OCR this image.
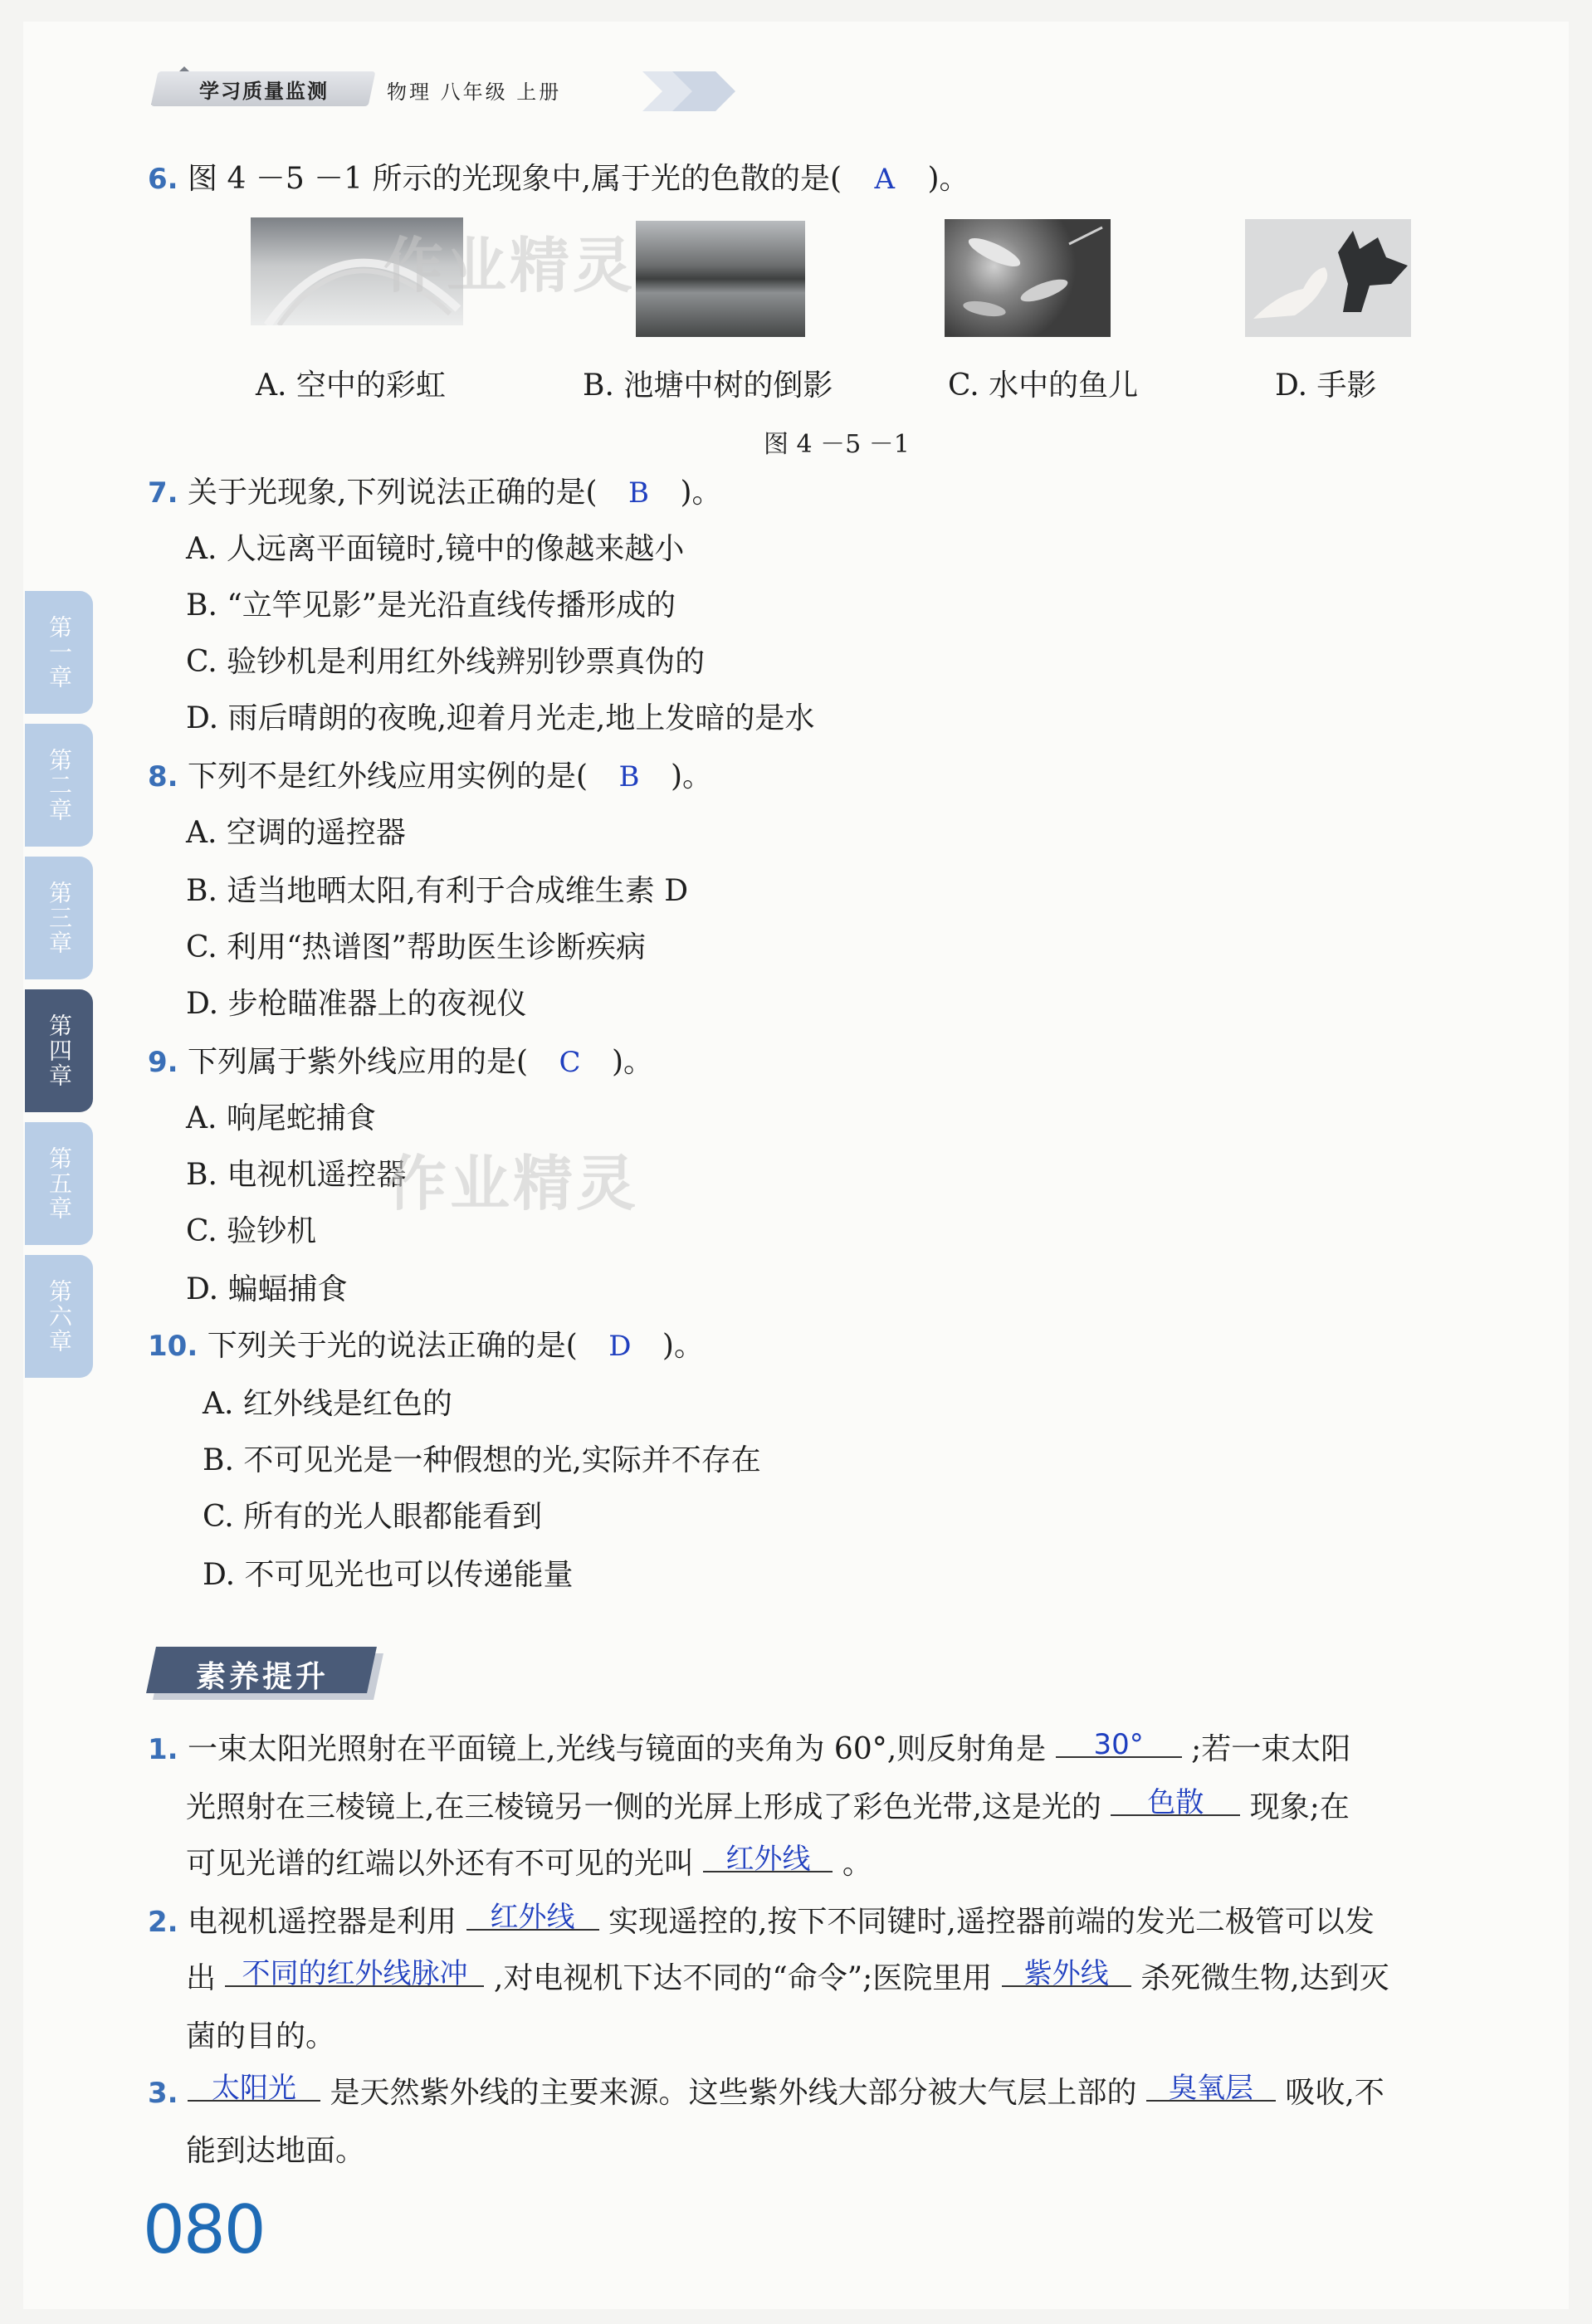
学习质量监测	物理 八年级 上册
6. 图 4 －5 －1 所示的光现象中,属于光的色散的是( A )。
A. 空中的彩虹	B. 池塘中树的倒影	C. 水中的鱼儿	D. 手影
图 4 －5 －1
7. 关于光现象,下列说法正确的是( B )。
A. 人远离平面镜时,镜中的像越来越小
B. “立竿见影”是光沿直线传播形成的
C. 验钞机是利用红外线辨别钞票真伪的
D. 雨后晴朗的夜晚,迎着月光走,地上发暗的是水
8. 下列不是红外线应用实例的是( B )。
A. 空调的遥控器
B. 适当地晒太阳,有利于合成维生素 D
C. 利用“热谱图”帮助医生诊断疾病
D. 步枪瞄准器上的夜视仪
9. 下列属于紫外线应用的是( C )。
A. 响尾蛇捕食
B. 电视机遥控器
C. 验钞机
D. 蝙蝠捕食
10. 下列关于光的说法正确的是( D )。
A. 红外线是红色的
B. 不可见光是一种假想的光,实际并不存在
C. 所有的光人眼都能看到
D. 不可见光也可以传递能量
素养提升
1. 一束太阳光照射在平面镜上,光线与镜面的夹角为 60°,则反射角是 30° ;若一束太阳
光照射在三棱镜上,在三棱镜另一侧的光屏上形成了彩色光带,这是光的 色散 现象;在
可见光谱的红端以外还有不可见的光叫 红外线 。
2. 电视机遥控器是利用 红外线 实现遥控的,按下不同键时,遥控器前端的发光二极管可以发
出 不同的红外线脉冲 ,对电视机下达不同的“命令”;医院里用 紫外线 杀死微生物,达到灭
菌的目的。
3. 太阳光 是天然紫外线的主要来源。这些紫外线大部分被大气层上部的 臭氧层 吸收,不
能到达地面。
第一章
第二章
第三章
第四章
第五章
第六章
作业精灵
作业精灵
080
